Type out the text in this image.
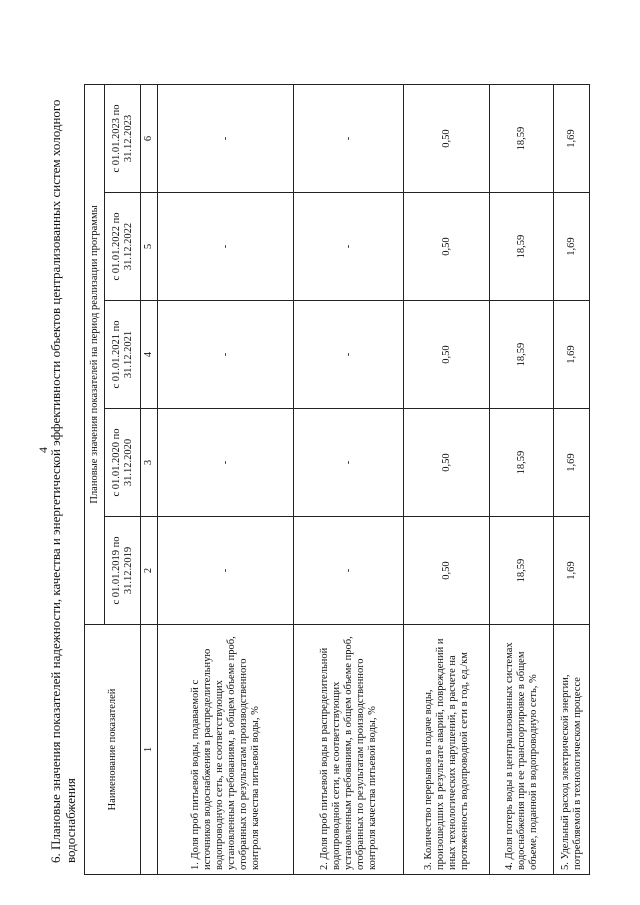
4
6. Плановые значения показателей надежности, качества и энергетической эффективности объектов централизованных систем холодного водоснабжения
Наименование показателей	Плановые значения показателей на период реализации программы				
	с 01.01.2019 по 31.12.2019	с 01.01.2020 по 31.12.2020	с 01.01.2021 по 31.12.2021	с 01.01.2022 по 31.12.2022	с 01.01.2023 по 31.12.2023
1	2	3	4	5	6
1. Доля проб питьевой воды, подаваемой с источников водоснабжения в распределительную водопроводную сеть, не соответствующих установленным требованиям, в общем объеме проб, отобранных по результатам производственного контроля качества питьевой воды, %	-	-	-	-	-
2. Доля проб питьевой воды в распределительной водопроводной сети, не соответствующих установленным требованиям, в общем объеме проб, отобранных по результатам производственного контроля качества питьевой воды, %	-	-	-	-	-
3. Количество перерывов в подаче воды, произошедших в результате аварий, повреждений и иных технологических нарушений, в расчете на протяженность водопроводной сети в год, ед./км	0,50	0,50	0,50	0,50	0,50
4. Доля потерь воды в централизованных системах водоснабжения при ее транспортировке в общем объеме, поданной в водопроводную сеть, %	18,59	18,59	18,59	18,59	18,59
5. Удельный расход электрической энергии, потребляемой в технологическом процессе	1,69	1,69	1,69	1,69	1,69
